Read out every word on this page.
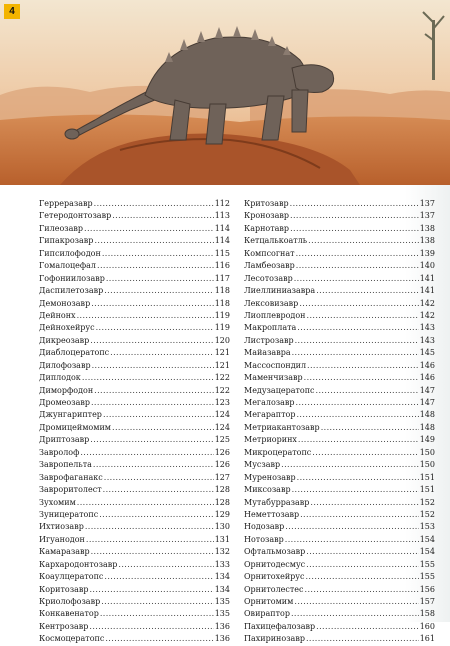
4
Герреразавр .....	112
Гетеродонтозавр .....	113
Гилеозавр .....	114
Гипакрозавр .....	114
Гипсилофодон .....	115
Гомалоцефал .....	116
Гофониилозавр .....	117
Даспилетозавр .....	118
Демонозавр .....	118
Дейнонх .....	119
Дейнохейрус .....	119
Дикреозавр .....	120
Диаблоцератопс .....	121
Дилофозавр .....	121
Диплодок .....	122
Диморфодон .....	122
Дромеозавр .....	123
Джунгариптер .....	124
Дромицеймомим .....	124
Дриптозавр .....	125
Завролоф .....	126
Завропельта .....	126
Заврофаганакс .....	127
Завроритолест .....	128
Зухомим .....	128
Зуницератопс .....	129
Ихтиозавр .....	130
Игуанодон .....	131
Камаразавр .....	132
Кархародонтозавр .....	133
Коаулцератопс .....	134
Коритозавр .....	134
Криолофозавр .....	135
Конкавенатор .....	135
Кентрозавр .....	136
Космоцератопс .....	136
Критозавр .....	137
Кронозавр .....	137
Карнотавр .....	138
Кетцалькоатль .....	138
Компсогнат .....	139
Ламбеозавр .....	140
Лесотозавр .....	141
Лиеллиниазавра .....	141
Лексовизавр .....	142
Лиоплевродон .....	142
Макроплата .....	143
Листрозавр .....	143
Майазавра .....	145
Массоспондил .....	146
Маменчизавр .....	146
Медузацератопс .....	147
Мегалозавр .....	147
Мегараптор .....	148
Метриакантозавр .....	148
Метриоринх .....	149
Микроцератопс .....	150
Мусзавр .....	150
Муренозавр .....	151
Миксозавр .....	151
Мутабурразавр .....	152
Неметтозавр .....	152
Нодозавр .....	153
Нотозавр .....	154
Офтальмозавр .....	154
Орнитодесмус .....	155
Орнитохейрус .....	155
Орнитолестес .....	156
Орнитомим .....	157
Овираптор .....	158
Пахицефалозавр .....	160
Пахиринозавр .....	161
